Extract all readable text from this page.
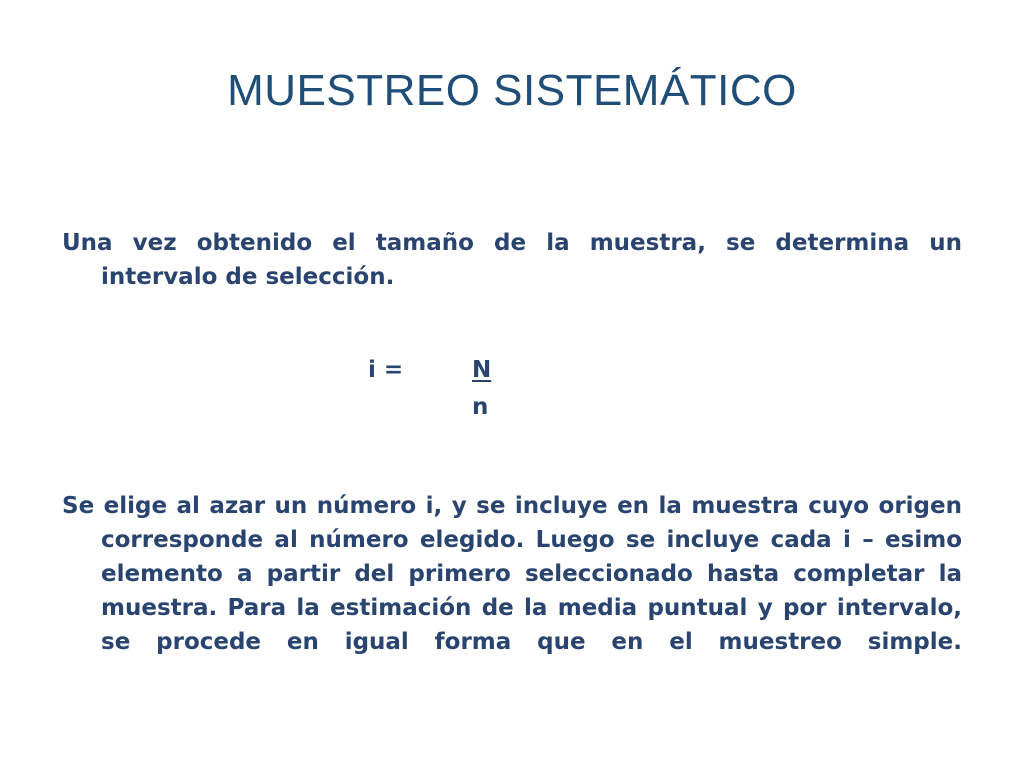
MUESTREO SISTEMÁTICO

Una vez obtenido el tamaño de la muestra, se determina un intervalo de selección.

i =	N
n

Se elige al azar un número i, y se incluye en la muestra cuyo origen corresponde al número elegido. Luego se incluye cada i – esimo elemento a partir del primero seleccionado hasta completar la muestra. Para la estimación de la media puntual y por intervalo, se procede en igual forma que en el muestreo simple.
